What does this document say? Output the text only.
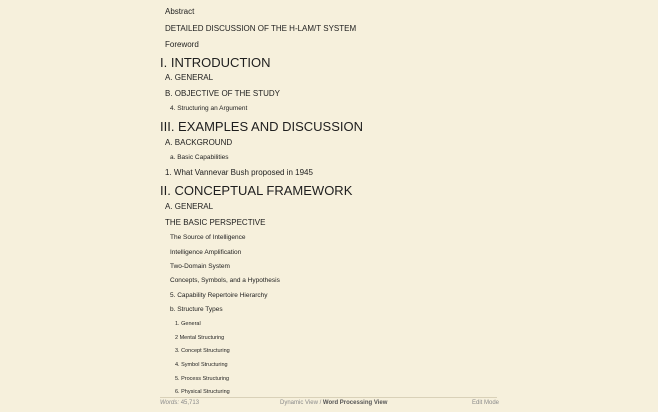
Abstract
DETAILED DISCUSSION OF THE H-LAM/T SYSTEM
Foreword
I. INTRODUCTION
A. GENERAL
B. OBJECTIVE OF THE STUDY
4. Structuring an Argument
III. EXAMPLES AND DISCUSSION
A. BACKGROUND
a. Basic Capabilities
1. What Vannevar Bush proposed in 1945
II. CONCEPTUAL FRAMEWORK
A. GENERAL
THE BASIC PERSPECTIVE
The Source of Intelligence
Intelligence Amplification
Two-Domain System
Concepts, Symbols, and a Hypothesis
5. Capability Repertoire Hierarchy
b. Structure Types
1. General
2 Mental Structuring
3. Concept Structuring
4. Symbol Structuring
5. Process Structuring
6. Physical Structuring
Words: 45,713	Dynamic View / Word Processing View	Edit Mode
